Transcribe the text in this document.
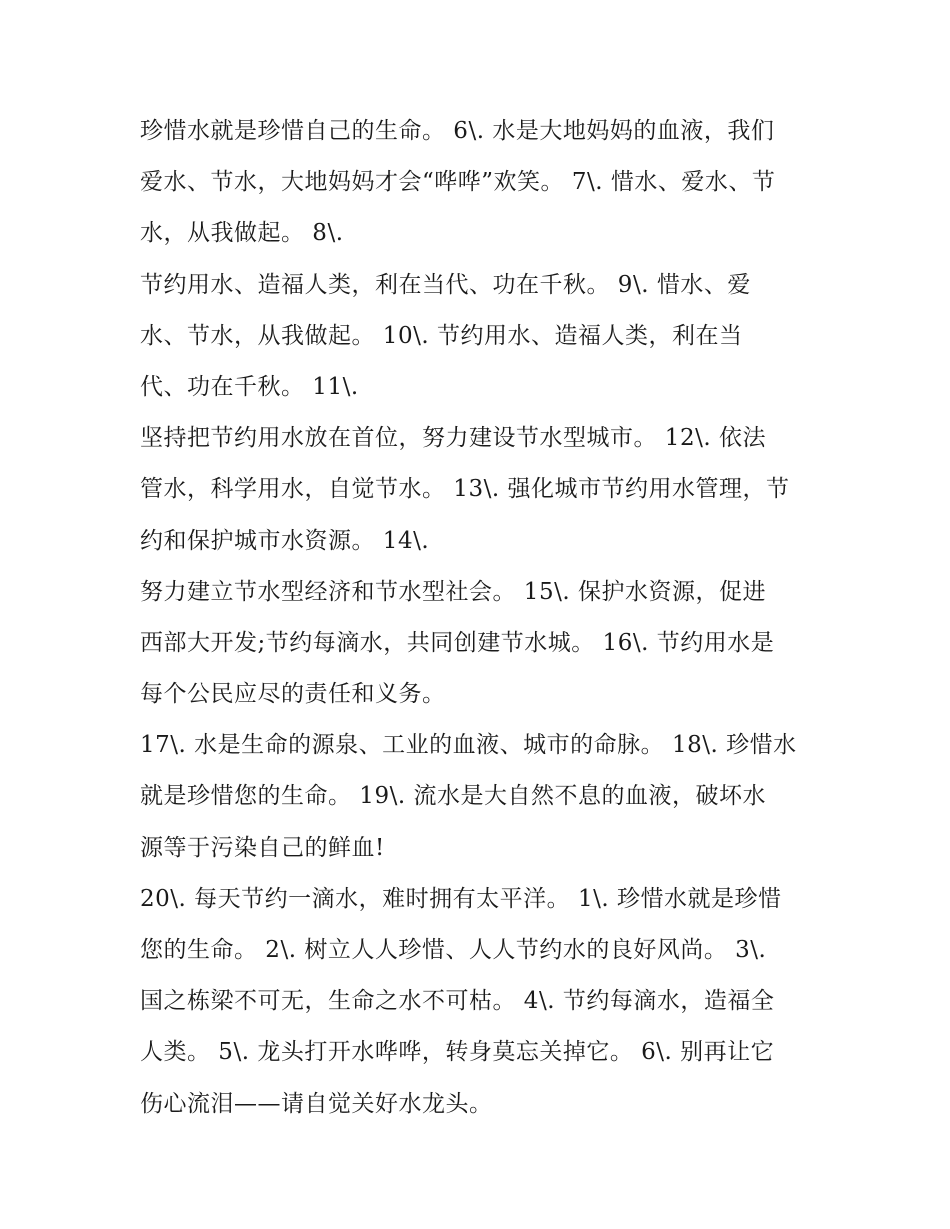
珍惜水就是珍惜自己的生命。 6\. 水是大地妈妈的血液，我们
爱水、节水，大地妈妈才会“哗哗”欢笑。 7\. 惜水、爱水、节
水，从我做起。 8\.
节约用水、造福人类，利在当代、功在千秋。 9\. 惜水、爱
水、节水，从我做起。 10\. 节约用水、造福人类，利在当
代、功在千秋。 11\.
坚持把节约用水放在首位，努力建设节水型城市。 12\. 依法
管水，科学用水，自觉节水。 13\. 强化城市节约用水管理，节
约和保护城市水资源。 14\.
努力建立节水型经济和节水型社会。 15\. 保护水资源，促进
西部大开发;节约每滴水，共同创建节水城。 16\. 节约用水是
每个公民应尽的责任和义务。
17\. 水是生命的源泉、工业的血液、城市的命脉。 18\. 珍惜水
就是珍惜您的生命。 19\. 流水是大自然不息的血液，破坏水
源等于污染自己的鲜血!
20\. 每天节约一滴水，难时拥有太平洋。 1\. 珍惜水就是珍惜
您的生命。 2\. 树立人人珍惜、人人节约水的良好风尚。 3\.
国之栋梁不可无，生命之水不可枯。 4\. 节约每滴水，造福全
人类。 5\. 龙头打开水哗哗，转身莫忘关掉它。 6\. 别再让它
伤心流泪——请自觉关好水龙头。
